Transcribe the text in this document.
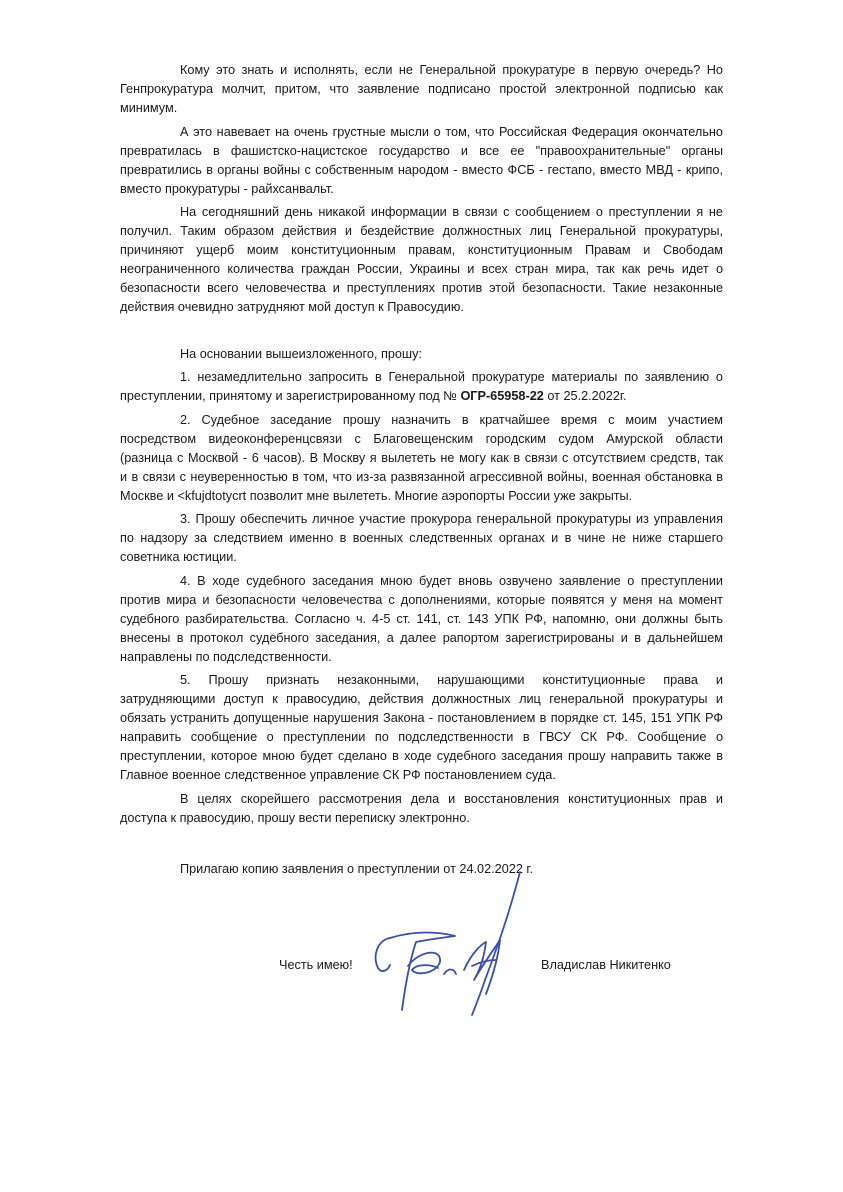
Кому это знать и исполнять, если не Генеральной прокуратуре в первую очередь? Но
Генпрокуратура молчит, притом, что заявление подписано простой электронной подписью как
минимум.
А это навевает на очень грустные мысли о том, что Российская Федерация окончательно
превратилась в фашистско-нацистское государство и все ее "правоохранительные" органы
превратились в органы войны с собственным народом - вместо ФСБ - гестапо, вместо МВД - крипо,
вместо прокуратуры - райхсанвальт.
На сегодняшний день никакой информации в связи с сообщением о преступлении я не
получил. Таким образом действия и бездействие должностных лиц Генеральной прокуратуры,
причиняют ущерб моим конституционным правам, конституционным Правам и Свободам
неограниченного количества граждан России, Украины и всех стран мира, так как речь идет о
безопасности всего человечества и преступлениях против этой безопасности. Такие незаконные
действия очевидно затрудняют мой доступ к Правосудию.
На основании вышеизложенного, прошу:
1. незамедлительно запросить в Генеральной прокуратуре материалы по заявлению о
преступлении, принятому и зарегистрированному под № ОГР-65958-22 от 25.2.2022г.
2. Судебное заседание прошу назначить в кратчайшее время с моим участием
посредством видеоконференцсвязи с Благовещенским городским судом Амурской области
(разница с Москвой - 6 часов). В Москву я вылететь не могу как в связи с отсутствием средств, так
и в связи с неуверенностью в том, что из-за развязанной агрессивной войны, военная обстановка в
Москве и <kfujdtotycrt позволит мне вылететь. Многие аэропорты России уже закрыты.
3. Прошу обеспечить личное участие прокурора генеральной прокуратуры из управления
по надзору за следствием именно в военных следственных органах и в чине не ниже старшего
советника юстиции.
4. В ходе судебного заседания мною будет вновь озвучено заявление о преступлении
против мира и безопасности человечества с дополнениями, которые появятся у меня на момент
судебного разбирательства. Согласно ч. 4-5 ст. 141, ст. 143 УПК РФ, напомню, они должны быть
внесены в протокол судебного заседания, а далее рапортом зарегистрированы и в дальнейшем
направлены по подследственности.
5. Прошу признать незаконными, нарушающими конституционные права и
затрудняющими доступ к правосудию, действия должностных лиц генеральной прокуратуры и
обязать устранить допущенные нарушения Закона - постановлением в порядке ст. 145, 151 УПК РФ
направить сообщение о преступлении по подследственности в ГВСУ СК РФ. Сообщение о
преступлении, которое мною будет сделано в ходе судебного заседания прошу направить также в
Главное военное следственное управление СК РФ постановлением суда.
В целях скорейшего рассмотрения дела и восстановления конституционных прав и
доступа к правосудию, прошу вести переписку электронно.
Прилагаю копию заявления о преступлении от 24.02.2022 г.
Честь имею!	Владислав Никитенко
